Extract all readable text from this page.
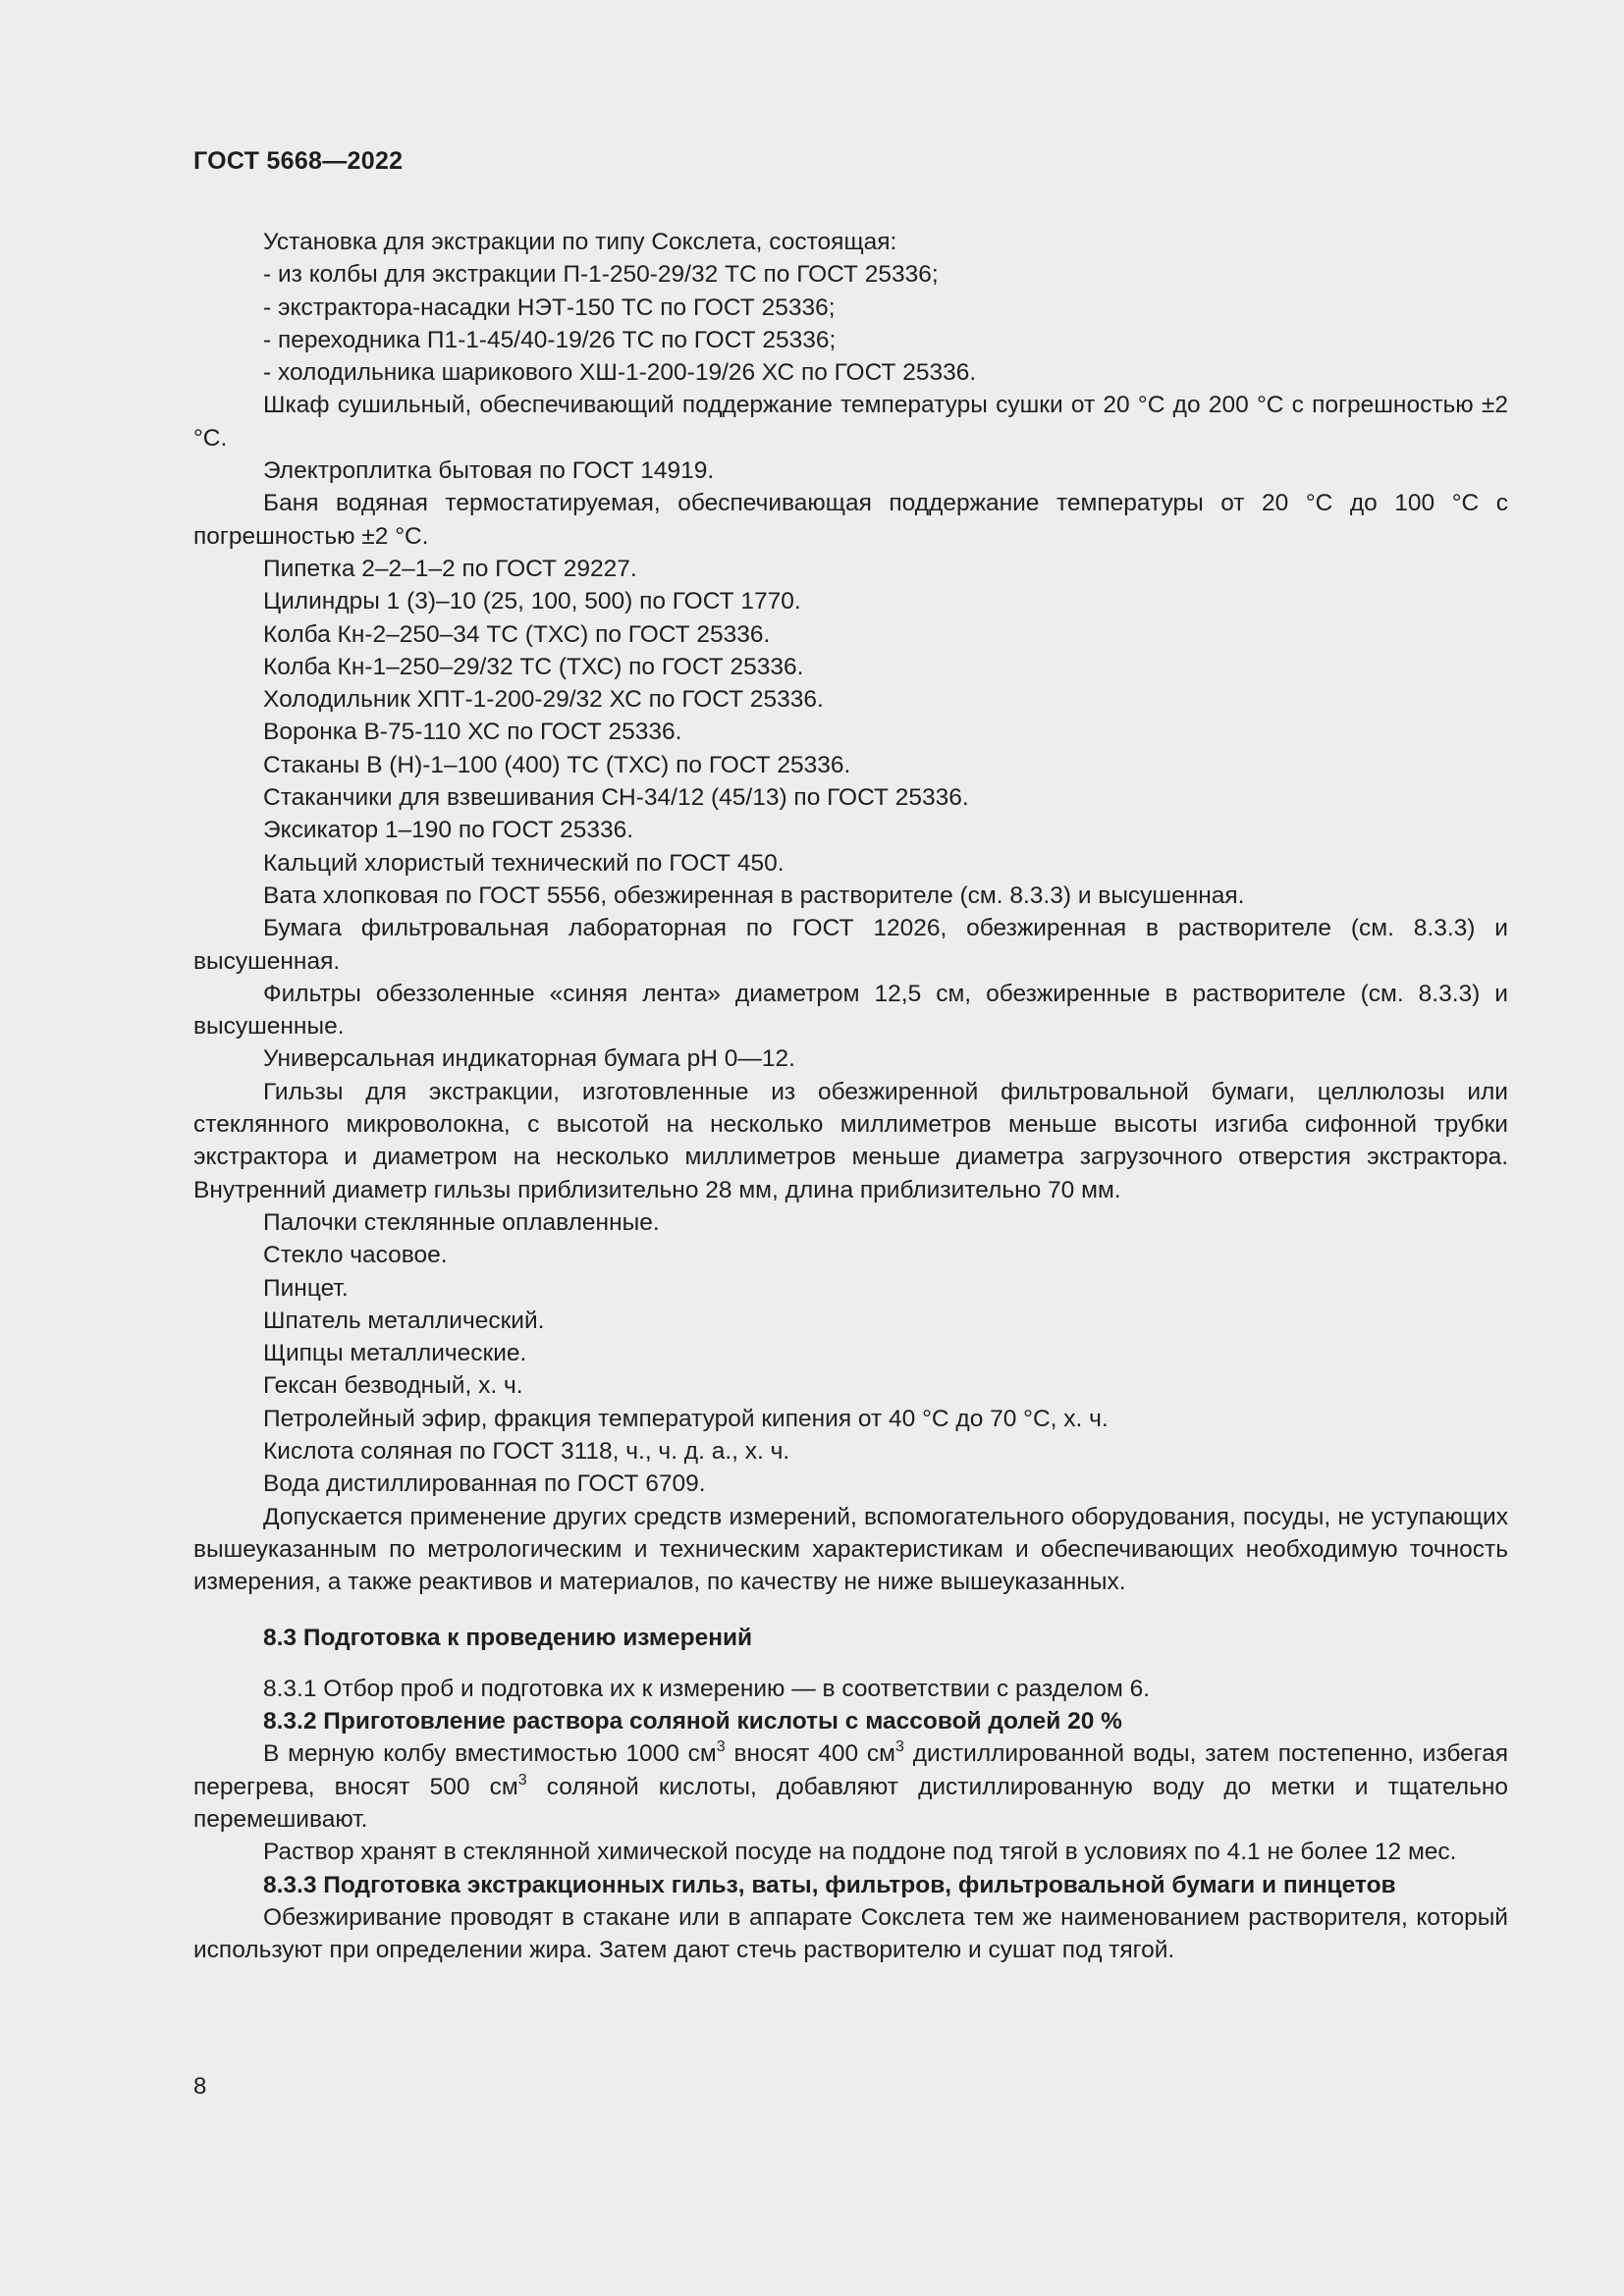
ГОСТ 5668—2022

Установка для экстракции по типу Сокслета, состоящая:

- из колбы для экстракции П-1-250-29/32 ТС по ГОСТ 25336;

- экстрактора-насадки НЭТ-150 ТС по ГОСТ 25336;

- переходника П1-1-45/40-19/26 ТС по ГОСТ 25336;

- холодильника шарикового ХШ-1-200-19/26 ХС по ГОСТ 25336.

Шкаф сушильный, обеспечивающий поддержание температуры сушки от 20 °С до 200 °С с погрешностью ±2 °С.

Электроплитка бытовая по ГОСТ 14919.

Баня водяная термостатируемая, обеспечивающая поддержание температуры от 20 °С до 100 °С с погрешностью ±2 °С.

Пипетка 2–2–1–2 по ГОСТ 29227.

Цилиндры 1 (3)–10 (25, 100, 500) по ГОСТ 1770.

Колба Кн-2–250–34 ТС (ТХС) по ГОСТ 25336.

Колба Кн-1–250–29/32 ТС (ТХС) по ГОСТ 25336.

Холодильник ХПТ-1-200-29/32 ХС по ГОСТ 25336.

Воронка В-75-110 ХС по ГОСТ 25336.

Стаканы В (Н)-1–100 (400) ТС (ТХС) по ГОСТ 25336.

Стаканчики для взвешивания СН-34/12 (45/13) по ГОСТ 25336.

Эксикатор 1–190 по ГОСТ 25336.

Кальций хлористый технический по ГОСТ 450.

Вата хлопковая по ГОСТ 5556, обезжиренная в растворителе (см. 8.3.3) и высушенная.

Бумага фильтровальная лабораторная по ГОСТ 12026, обезжиренная в растворителе (см. 8.3.3) и высушенная.

Фильтры обеззоленные «синяя лента» диаметром 12,5 см, обезжиренные в растворителе (см. 8.3.3) и высушенные.

Универсальная индикаторная бумага pH 0—12.

Гильзы для экстракции, изготовленные из обезжиренной фильтровальной бумаги, целлюлозы или стеклянного микроволокна, с высотой на несколько миллиметров меньше высоты изгиба сифонной трубки экстрактора и диаметром на несколько миллиметров меньше диаметра загрузочного отверстия экстрактора. Внутренний диаметр гильзы приблизительно 28 мм, длина приблизительно 70 мм.

Палочки стеклянные оплавленные.

Стекло часовое.

Пинцет.

Шпатель металлический.

Щипцы металлические.

Гексан безводный, х. ч.

Петролейный эфир, фракция температурой кипения от 40 °С до 70 °С, х. ч.

Кислота соляная по ГОСТ 3118, ч., ч. д. а., х. ч.

Вода дистиллированная по ГОСТ 6709.

Допускается применение других средств измерений, вспомогательного оборудования, посуды, не уступающих вышеуказанным по метрологическим и техническим характеристикам и обеспечивающих необходимую точность измерения, а также реактивов и материалов, по качеству не ниже вышеуказанных.

8.3 Подготовка к проведению измерений

8.3.1 Отбор проб и подготовка их к измерению — в соответствии с разделом 6.

8.3.2 Приготовление раствора соляной кислоты с массовой долей 20 %

В мерную колбу вместимостью 1000 $см^3$ вносят 400 $см^3$ дистиллированной воды, затем постепенно, избегая перегрева, вносят 500 $см^3$ соляной кислоты, добавляют дистиллированную воду до метки и тщательно перемешивают.

Раствор хранят в стеклянной химической посуде на поддоне под тягой в условиях по 4.1 не более 12 мес.

8.3.3 Подготовка экстракционных гильз, ваты, фильтров, фильтровальной бумаги и пинцетов

Обезжиривание проводят в стакане или в аппарате Сокслета тем же наименованием растворителя, который используют при определении жира. Затем дают стечь растворителю и сушат под тягой.

8
